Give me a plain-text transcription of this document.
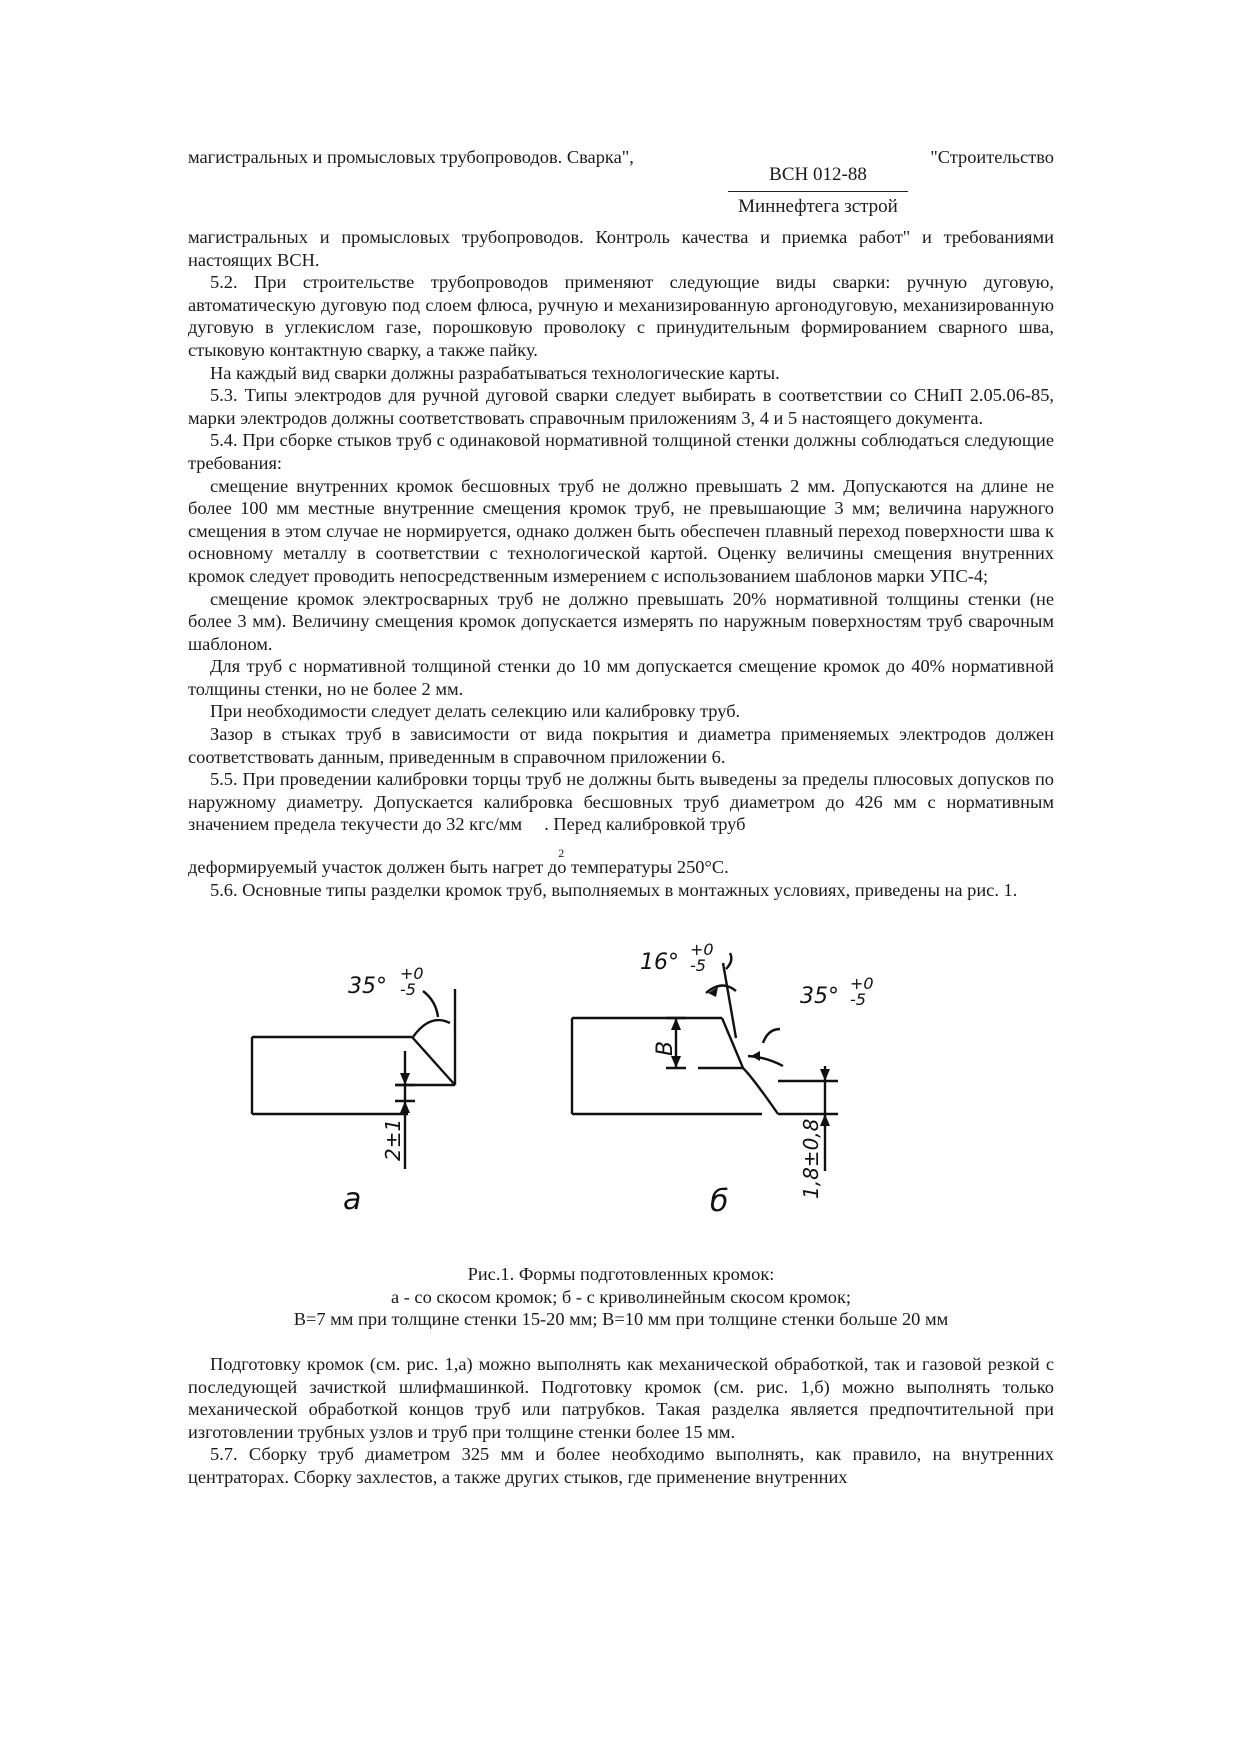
магистральных и промысловых трубопроводов. Сварка",	"Строительство
ВСН 012-88
Миннефтега зстрой

магистральных и промысловых трубопроводов. Контроль качества и приемка работ" и требованиями настоящих ВСН.

5.2. При строительстве трубопроводов применяют следующие виды сварки: ручную дуговую, автоматическую дуговую под слоем флюса, ручную и механизированную аргонодуговую, механизированную дуговую в углекислом газе, порошковую проволоку с принудительным формированием сварного шва, стыковую контактную сварку, а также пайку.

На каждый вид сварки должны разрабатываться технологические карты.

5.3. Типы электродов для ручной дуговой сварки следует выбирать в соответствии со СНиП 2.05.06-85, марки электродов должны соответствовать справочным приложениям 3, 4 и 5 настоящего документа.

5.4. При сборке стыков труб с одинаковой нормативной толщиной стенки должны соблюдаться следующие требования:

смещение внутренних кромок бесшовных труб не должно превышать 2 мм. Допускаются на длине не более 100 мм местные внутренние смещения кромок труб, не превышающие 3 мм; величина наружного смещения в этом случае не нормируется, однако должен быть обеспечен плавный переход поверхности шва к основному металлу в соответствии с технологической картой. Оценку величины смещения внутренних кромок следует проводить непосредственным измерением с использованием шаблонов марки УПС-4;

смещение кромок электросварных труб не должно превышать 20% нормативной толщины стенки (не более 3 мм). Величину смещения кромок допускается измерять по наружным поверхностям труб сварочным шаблоном.

Для труб с нормативной толщиной стенки до 10 мм допускается смещение кромок до 40% нормативной толщины стенки, но не более 2 мм.

При необходимости следует делать селекцию или калибровку труб.

Зазор в стыках труб в зависимости от вида покрытия и диаметра применяемых электродов должен соответствовать данным, приведенным в справочном приложении 6.

5.5. При проведении калибровки торцы труб не должны быть выведены за пределы плюсовых допусков по наружному диаметру. Допускается калибровка бесшовных труб диаметром до 426 мм с нормативным значением предела текучести до 32 кгс/мм
2
. Перед калибровкой труб

деформируемый участок должен быть нагрет до температуры 250°С.

5.6. Основные типы разделки кромок труб, выполняемых в монтажных условиях, приведены на рис. 1.

35°
+0
-5
2±1
а
16°
+0
-5
35°
+0
-5
В
1,8±0,8
б
Рис.1. Формы подготовленных кромок:
а - со скосом кромок; б - с криволинейным скосом кромок;
В=7 мм при толщине стенки 15-20 мм; В=10 мм при толщине стенки больше 20 мм

Подготовку кромок (см. рис. 1,а) можно выполнять как механической обработкой, так и газовой резкой с последующей зачисткой шлифмашинкой. Подготовку кромок (см. рис. 1,б) можно выполнять только механической обработкой концов труб или патрубков. Такая разделка является предпочтительной при изготовлении трубных узлов и труб при толщине стенки более 15 мм.

5.7. Сборку труб диаметром 325 мм и более необходимо выполнять, как правило, на внутренних центраторах. Сборку захлестов, а также других стыков, где применение внутренних
